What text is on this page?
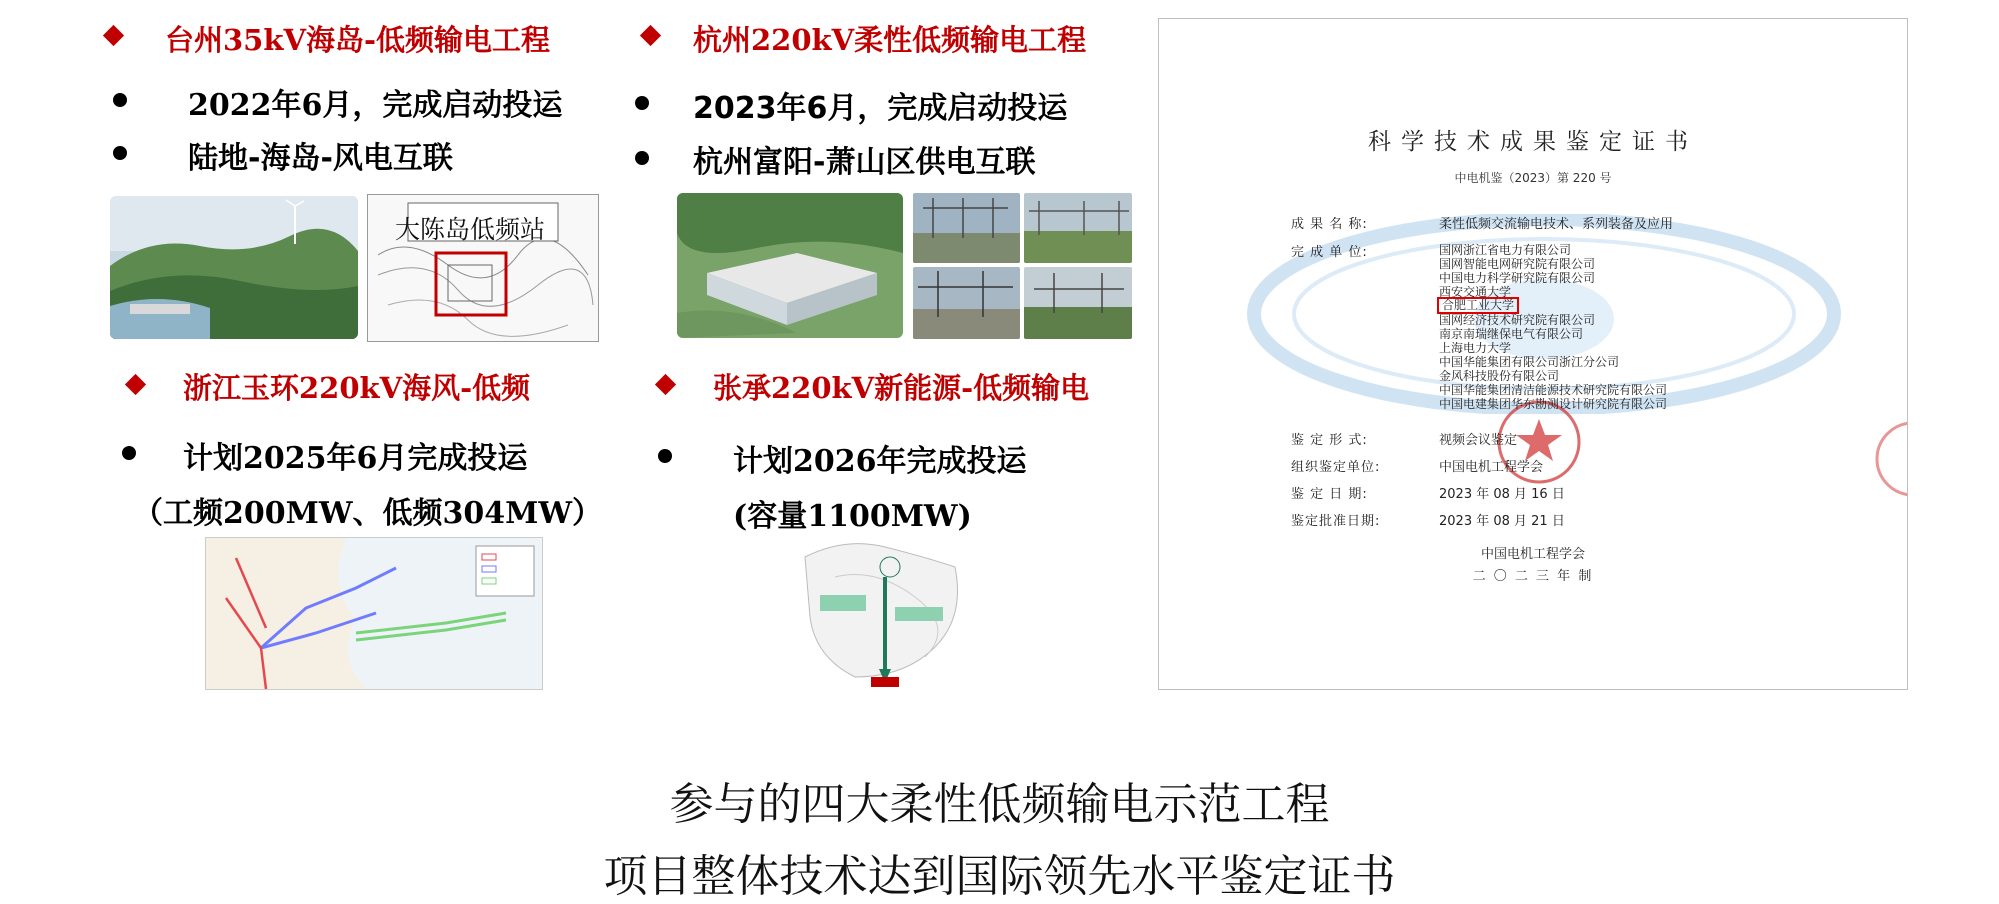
台州35kV海岛-低频输电工程
2022年6月，完成启动投运
陆地-海岛-风电互联
大陈岛低频站
杭州220kV柔性低频输电工程
2023年6月，完成启动投运
杭州富阳-萧山区供电互联
浙江玉环220kV海风-低频
计划2025年6月完成投运
（工频200MW、低频304MW）
张承220kV新能源-低频输电
计划2026年完成投运
(容量1100MW)
科学技术成果鉴定证书
中电机鉴（2023）第 220 号
成 果 名 称:	柔性低频交流输电技术、系列装备及应用
完 成 单 位:	国网浙江省电力有限公司
国网智能电网研究院有限公司
中国电力科学研究院有限公司
西安交通大学
合肥工业大学
国网经济技术研究院有限公司
南京南瑞继保电气有限公司
上海电力大学
中国华能集团有限公司浙江分公司
金风科技股份有限公司
中国华能集团清洁能源技术研究院有限公司
中国电建集团华东勘测设计研究院有限公司
鉴 定 形 式:	视频会议鉴定
组织鉴定单位:	中国电机工程学会
鉴 定 日 期:	2023 年 08 月 16 日
鉴定批准日期:	2023 年 08 月 21 日
中国电机工程学会
二 〇 二 三 年 制
参与的四大柔性低频输电示范工程
项目整体技术达到国际领先水平鉴定证书
